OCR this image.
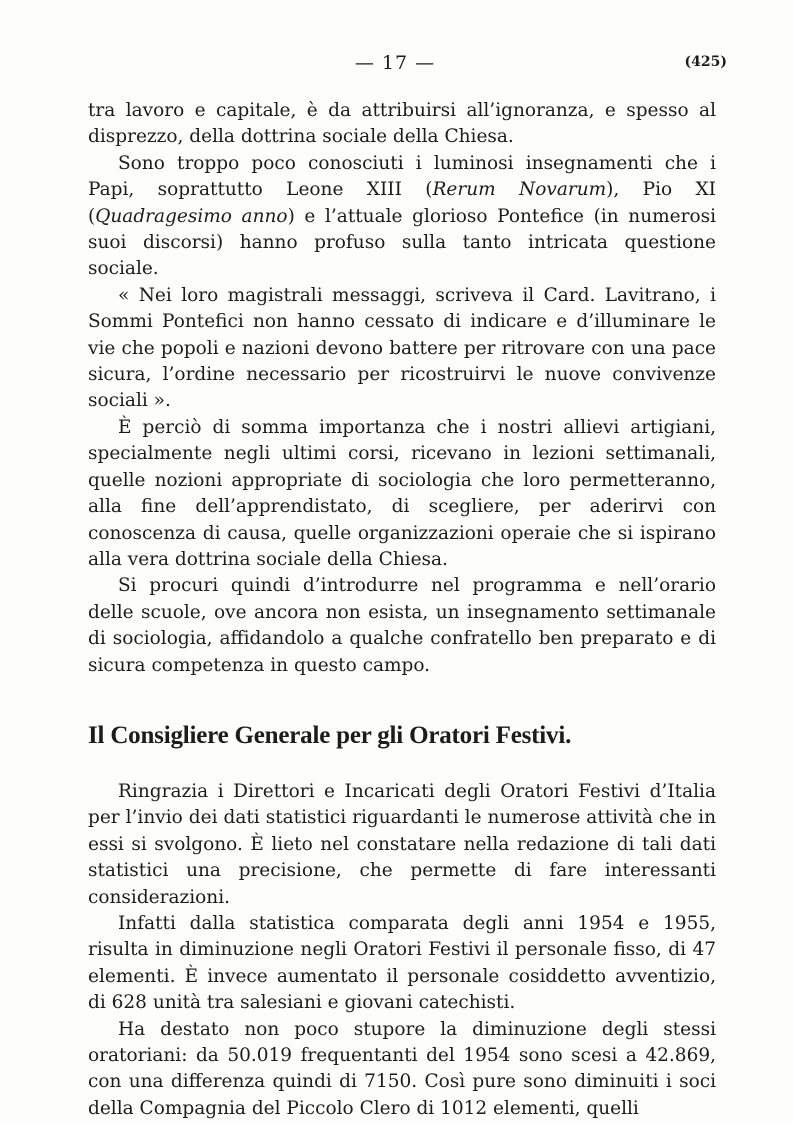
— 17 —	(425)

tra lavoro e capitale, è da attribuirsi all’ignoranza, e spesso al disprezzo, della dottrina sociale della Chiesa.

Sono troppo poco conosciuti i luminosi insegnamenti che i Papi, soprattutto Leone XIII (Rerum Novarum), Pio XI (Quadragesimo anno) e l’attuale glorioso Pontefice (in numerosi suoi discorsi) hanno profuso sulla tanto intricata questione sociale.

« Nei loro magistrali messaggi, scriveva il Card. Lavitrano, i Sommi Pontefici non hanno cessato di indicare e d’illuminare le vie che popoli e nazioni devono battere per ritrovare con una pace sicura, l’ordine necessario per ricostruirvi le nuove convivenze sociali ».

È perciò di somma importanza che i nostri allievi artigiani, specialmente negli ultimi corsi, ricevano in lezioni settimanali, quelle nozioni appropriate di sociologia che loro permetteranno, alla fine dell’apprendistato, di scegliere, per aderirvi con conoscenza di causa, quelle organizzazioni operaie che si ispirano alla vera dottrina sociale della Chiesa.

Si procuri quindi d’introdurre nel programma e nell’orario delle scuole, ove ancora non esista, un insegnamento settimanale di sociologia, affidandolo a qualche confratello ben preparato e di sicura competenza in questo campo.

Il Consigliere Generale per gli Oratori Festivi.

Ringrazia i Direttori e Incaricati degli Oratori Festivi d’Italia per l’invio dei dati statistici riguardanti le numerose attività che in essi si svolgono. È lieto nel constatare nella redazione di tali dati statistici una precisione, che permette di fare interessanti considerazioni.

Infatti dalla statistica comparata degli anni 1954 e 1955, risulta in diminuzione negli Oratori Festivi il personale fisso, di 47 elementi. È invece aumentato il personale cosiddetto avventizio, di 628 unità tra salesiani e giovani catechisti.

Ha destato non poco stupore la diminuzione degli stessi oratoriani: da 50.019 frequentanti del 1954 sono scesi a 42.869, con una differenza quindi di 7150. Così pure sono diminuiti i soci della Compagnia del Piccolo Clero di 1012 elementi, quelli
